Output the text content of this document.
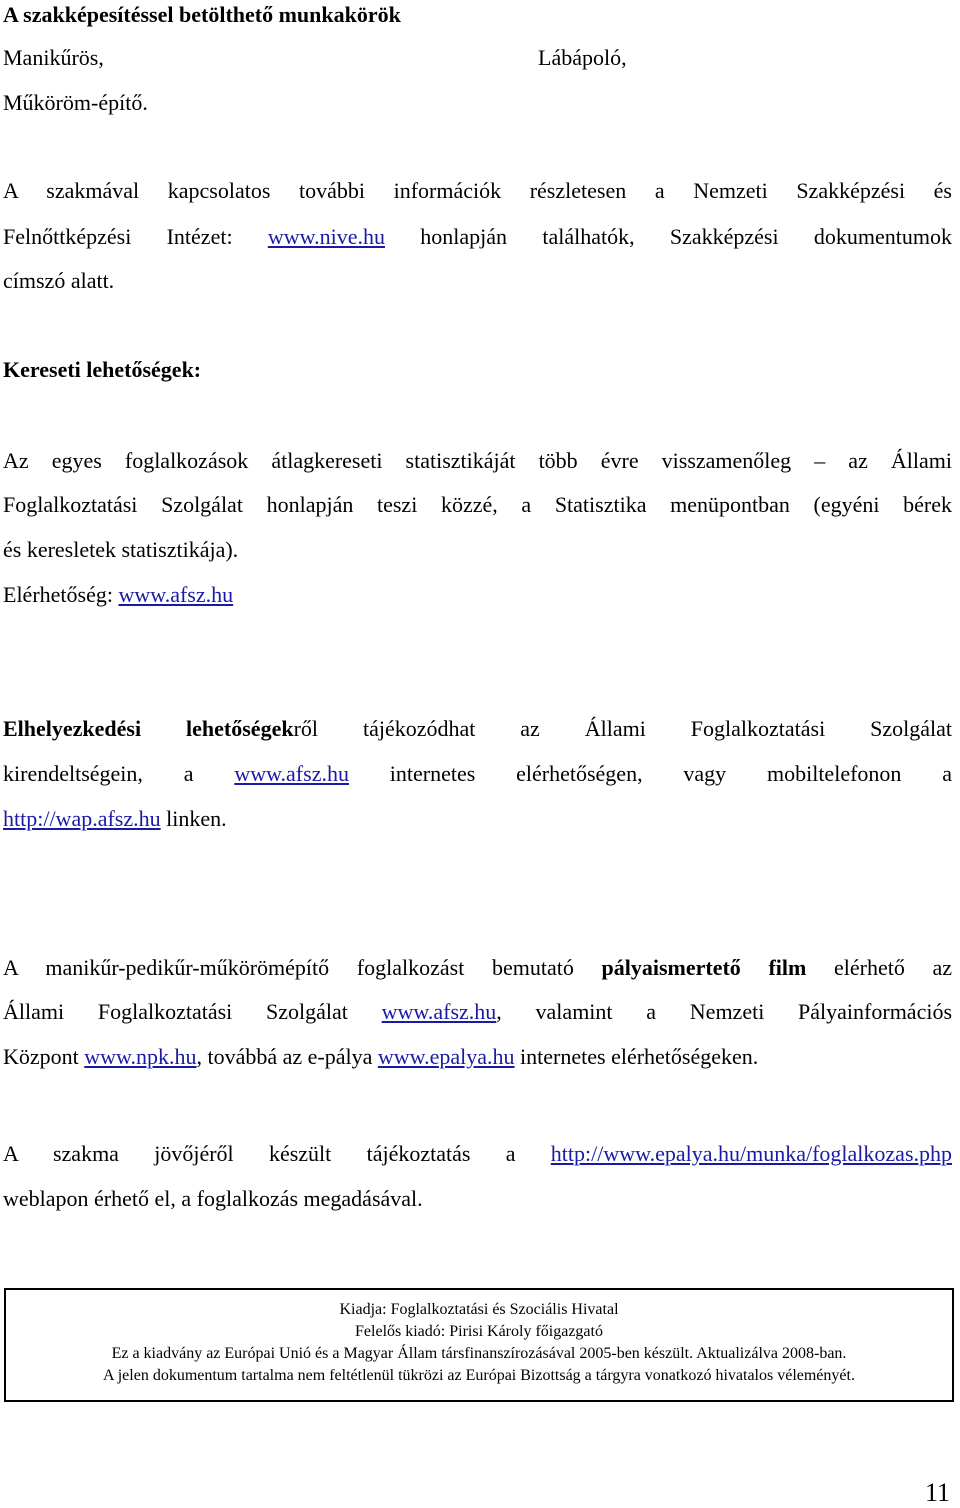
A szakképesítéssel betölthető munkakörök
Manikűrös,	Lábápoló,
Műköröm-építő.
A szakmával kapcsolatos további információk részletesen a Nemzeti Szakképzési és
Felnőttképzési Intézet: www.nive.hu honlapján találhatók, Szakképzési dokumentumok
címszó alatt.
Kereseti lehetőségek:
Az egyes foglalkozások átlagkereseti statisztikáját több évre visszamenőleg – az Állami
Foglalkoztatási Szolgálat honlapján teszi közzé, a Statisztika menüpontban (egyéni bérek
és keresletek statisztikája).
Elérhetőség: www.afsz.hu
Elhelyezkedési lehetőségekről tájékozódhat az Állami Foglalkoztatási Szolgálat
kirendeltségein, a www.afsz.hu internetes elérhetőségen, vagy mobiltelefonon a
http://wap.afsz.hu linken.
A manikűr-pedikűr-műkörömépítő foglalkozást bemutató pályaismertető film elérhető az
Állami Foglalkoztatási Szolgálat www.afsz.hu, valamint a Nemzeti Pályainformációs
Központ www.npk.hu, továbbá az e-pálya www.epalya.hu internetes elérhetőségeken.
A szakma jövőjéről készült tájékoztatás a http://www.epalya.hu/munka/foglalkozas.php
weblapon érhető el, a foglalkozás megadásával.
Kiadja: Foglalkoztatási és Szociális Hivatal
Felelős kiadó: Pirisi Károly főigazgató
Ez a kiadvány az Európai Unió és a Magyar Állam társfinanszírozásával 2005-ben készült. Aktualizálva 2008-ban.
A jelen dokumentum tartalma nem feltétlenül tükrözi az Európai Bizottság a tárgyra vonatkozó hivatalos véleményét.
11
